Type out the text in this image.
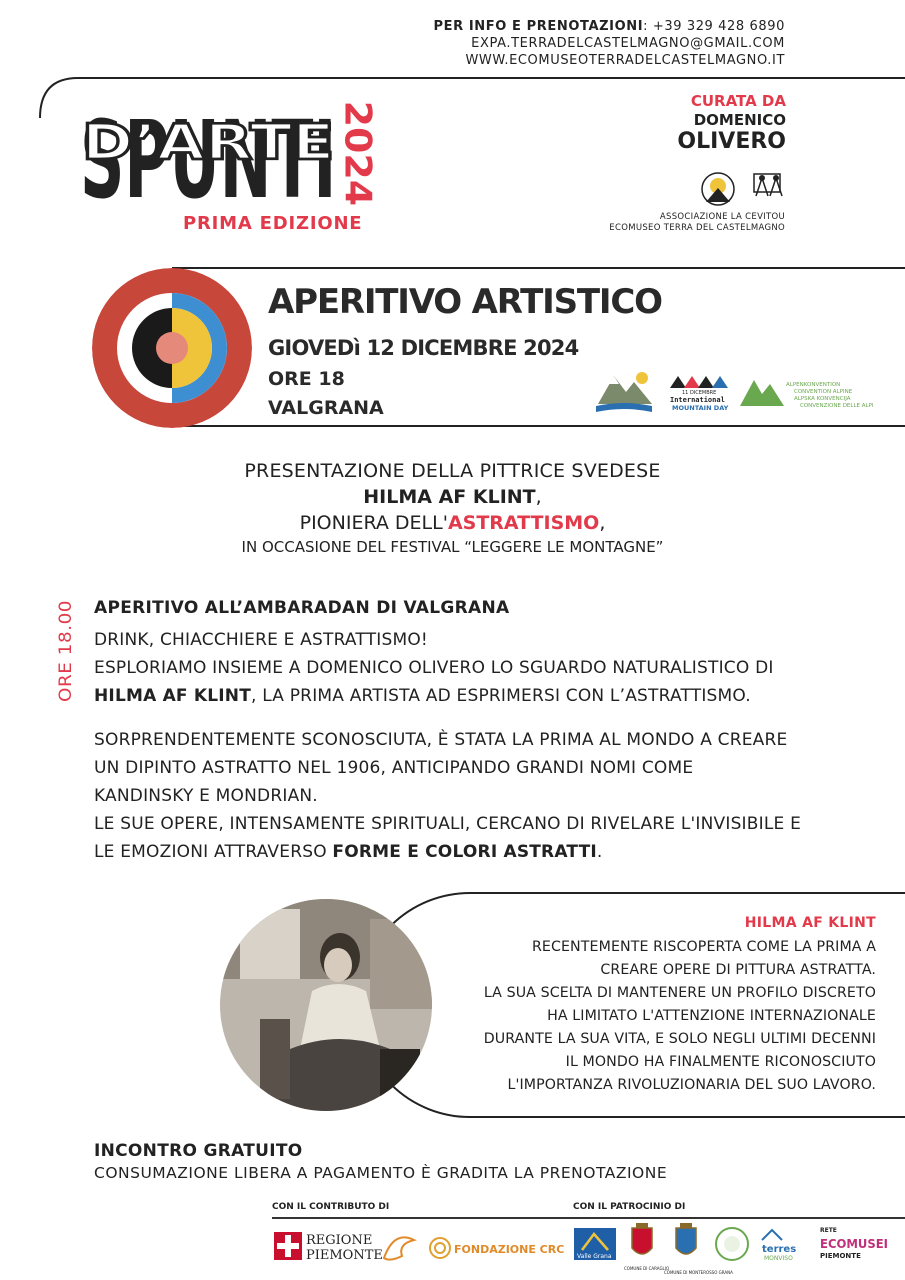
PER INFO E PRENOTAZIONI: +39 329 428 6890
EXPA.TERRADELCASTELMAGNO@GMAIL.COM
WWW.ECOMUSEOTERRADELCASTELMAGNO.IT
SPUNTI
D’ARTE 2024
PRIMA EDIZIONE
CURATA DA
DOMENICO
OLIVERO
ASSOCIAZIONE LA CEVITOU
ECOMUSEO TERRA DEL CASTELMAGNO
APERITIVO ARTISTICO
GIOVEDì 12 DICEMBRE 2024
ORE 18
VALGRANA
11 DICEMBRE
International
MOUNTAIN DAY
ALPENKONVENTION
CONVENTION ALPINE
ALPSKA KONVENCIJA
CONVENZIONE DELLE ALPI
PRESENTAZIONE DELLA PITTRICE SVEDESE
HILMA AF KLINT,
PIONIERA DELL'ASTRATTISMO,
IN OCCASIONE DEL FESTIVAL “LEGGERE LE MONTAGNE”
ORE 18.00 APERITIVO ALL’AMBARADAN DI VALGRANA
DRINK, CHIACCHIERE E ASTRATTISMO!
ESPLORIAMO INSIEME A DOMENICO OLIVERO LO SGUARDO NATURALISTICO DI
HILMA AF KLINT, LA PRIMA ARTISTA AD ESPRIMERSI CON L’ASTRATTISMO.
SORPRENDENTEMENTE SCONOSCIUTA, È STATA LA PRIMA AL MONDO A CREARE
UN DIPINTO ASTRATTO NEL 1906, ANTICIPANDO GRANDI NOMI COME
KANDINSKY E MONDRIAN.
LE SUE OPERE, INTENSAMENTE SPIRITUALI, CERCANO DI RIVELARE L'INVISIBILE E
LE EMOZIONI ATTRAVERSO FORME E COLORI ASTRATTI.
HILMA AF KLINT
RECENTEMENTE RISCOPERTA COME LA PRIMA A
CREARE OPERE DI PITTURA ASTRATTA.
LA SUA SCELTA DI MANTENERE UN PROFILO DISCRETO
HA LIMITATO L'ATTENZIONE INTERNAZIONALE
DURANTE LA SUA VITA, E SOLO NEGLI ULTIMI DECENNI
IL MONDO HA FINALMENTE RICONOSCIUTO
L'IMPORTANZA RIVOLUZIONARIA DEL SUO LAVORO.
INCONTRO GRATUITO
CONSUMAZIONE LIBERA A PAGAMENTO È GRADITA LA PRENOTAZIONE
CON IL CONTRIBUTO DI	CON IL PATROCINIO DI
REGIONE
PIEMONTE	FONDAZIONE CRC
Valle Grana
COMUNE DI CARAGLIO
COMUNE DI MONTEROSSO GRANA
terres
MONVISO
RETE
ECOMUSEI
PIEMONTE
